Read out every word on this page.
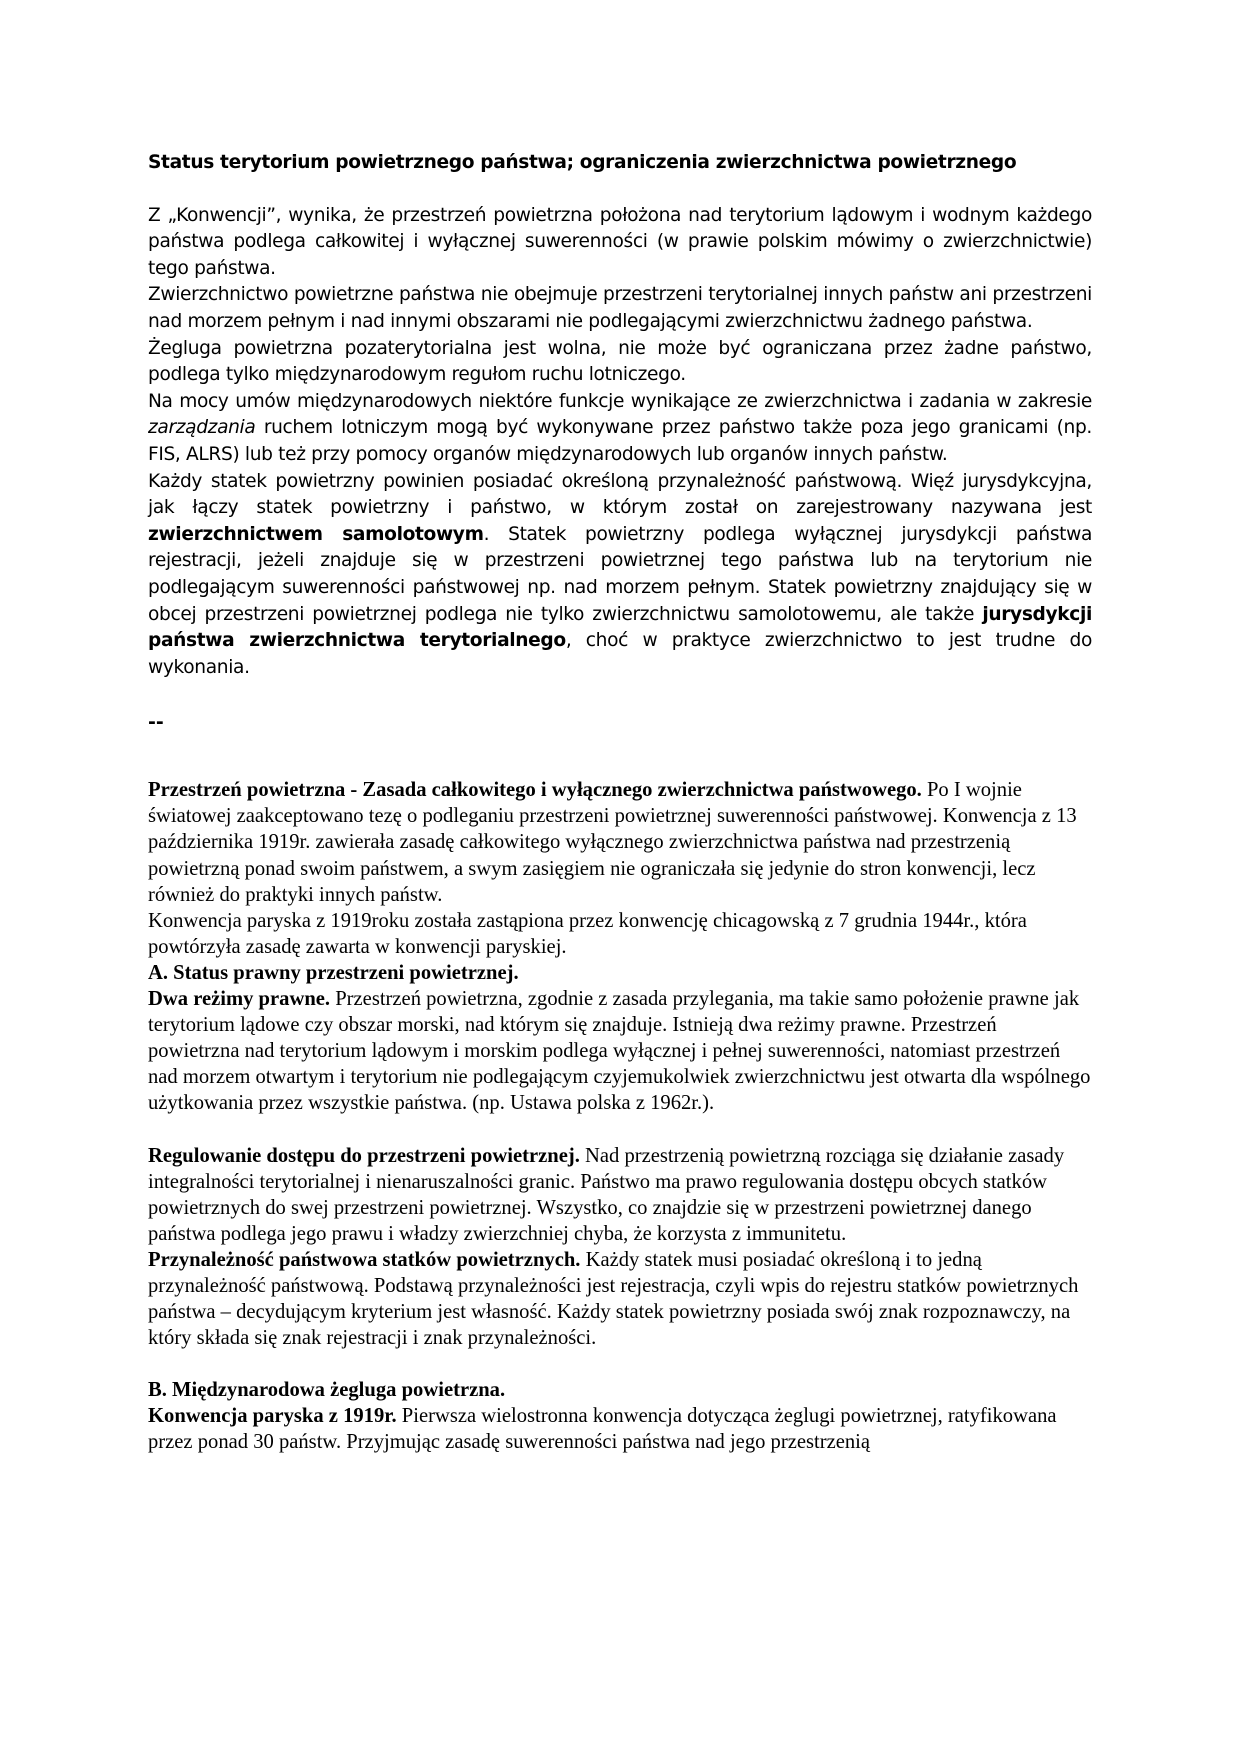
Status terytorium powietrznego państwa; ograniczenia zwierzchnictwa powietrznego

Z „Konwencji”, wynika, że przestrzeń powietrzna położona nad terytorium lądowym i wodnym każdego państwa podlega całkowitej i wyłącznej suwerenności (w prawie polskim mówimy o zwierzchnictwie) tego państwa.

Zwierzchnictwo powietrzne państwa nie obejmuje przestrzeni terytorialnej innych państw ani przestrzeni nad morzem pełnym i nad innymi obszarami nie podlegającymi zwierzchnictwu żadnego państwa.

Żegluga powietrzna pozaterytorialna jest wolna, nie może być ograniczana przez żadne państwo, podlega tylko międzynarodowym regułom ruchu lotniczego.

Na mocy umów międzynarodowych niektóre funkcje wynikające ze zwierzchnictwa i zadania w zakresie zarządzania ruchem lotniczym mogą być wykonywane przez państwo także poza jego granicami (np. FIS, ALRS) lub też przy pomocy organów międzynarodowych lub organów innych państw.

Każdy statek powietrzny powinien posiadać określoną przynależność państwową. Więź jurysdykcyjna, jak łączy statek powietrzny i państwo, w którym został on zarejestrowany nazywana jest zwierzchnictwem samolotowym. Statek powietrzny podlega wyłącznej jurysdykcji państwa rejestracji, jeżeli znajduje się w przestrzeni powietrznej tego państwa lub na terytorium nie podlegającym suwerenności państwowej np. nad morzem pełnym. Statek powietrzny znajdujący się w obcej przestrzeni powietrznej podlega nie tylko zwierzchnictwu samolotowemu, ale także jurysdykcji państwa zwierzchnictwa terytorialnego, choć w praktyce zwierzchnictwo to jest trudne do wykonania.

--

Przestrzeń powietrzna - Zasada całkowitego i wyłącznego zwierzchnictwa państwowego. Po I wojnie światowej zaakceptowano tezę o podleganiu przestrzeni powietrznej suwerenności państwowej. Konwencja z 13 października 1919r. zawierała zasadę całkowitego wyłącznego zwierzchnictwa państwa nad przestrzenią powietrzną ponad swoim państwem, a swym zasięgiem nie ograniczała się jedynie do stron konwencji, lecz również do praktyki innych państw.

Konwencja paryska z 1919roku została zastąpiona przez konwencję chicagowską z 7 grudnia 1944r., która powtórzyła zasadę zawarta w konwencji paryskiej.

A. Status prawny przestrzeni powietrznej.

Dwa reżimy prawne. Przestrzeń powietrzna, zgodnie z zasada przylegania, ma takie samo położenie prawne jak terytorium lądowe czy obszar morski, nad którym się znajduje. Istnieją dwa reżimy prawne. Przestrzeń powietrzna nad terytorium lądowym i morskim podlega wyłącznej i pełnej suwerenności, natomiast przestrzeń nad morzem otwartym i terytorium nie podlegającym czyjemukolwiek zwierzchnictwu jest otwarta dla wspólnego użytkowania przez wszystkie państwa. (np. Ustawa polska z 1962r.).

Regulowanie dostępu do przestrzeni powietrznej. Nad przestrzenią powietrzną rozciąga się działanie zasady integralności terytorialnej i nienaruszalności granic. Państwo ma prawo regulowania dostępu obcych statków powietrznych do swej przestrzeni powietrznej. Wszystko, co znajdzie się w przestrzeni powietrznej danego państwa podlega jego prawu i władzy zwierzchniej chyba, że korzysta z immunitetu.

Przynależność państwowa statków powietrznych. Każdy statek musi posiadać określoną i to jedną przynależność państwową. Podstawą przynależności jest rejestracja, czyli wpis do rejestru statków powietrznych państwa – decydującym kryterium jest własność. Każdy statek powietrzny posiada swój znak rozpoznawczy, na który składa się znak rejestracji i znak przynależności.

B. Międzynarodowa żegluga powietrzna.

Konwencja paryska z 1919r. Pierwsza wielostronna konwencja dotycząca żeglugi powietrznej, ratyfikowana przez ponad 30 państw. Przyjmując zasadę suwerenności państwa nad jego przestrzenią
